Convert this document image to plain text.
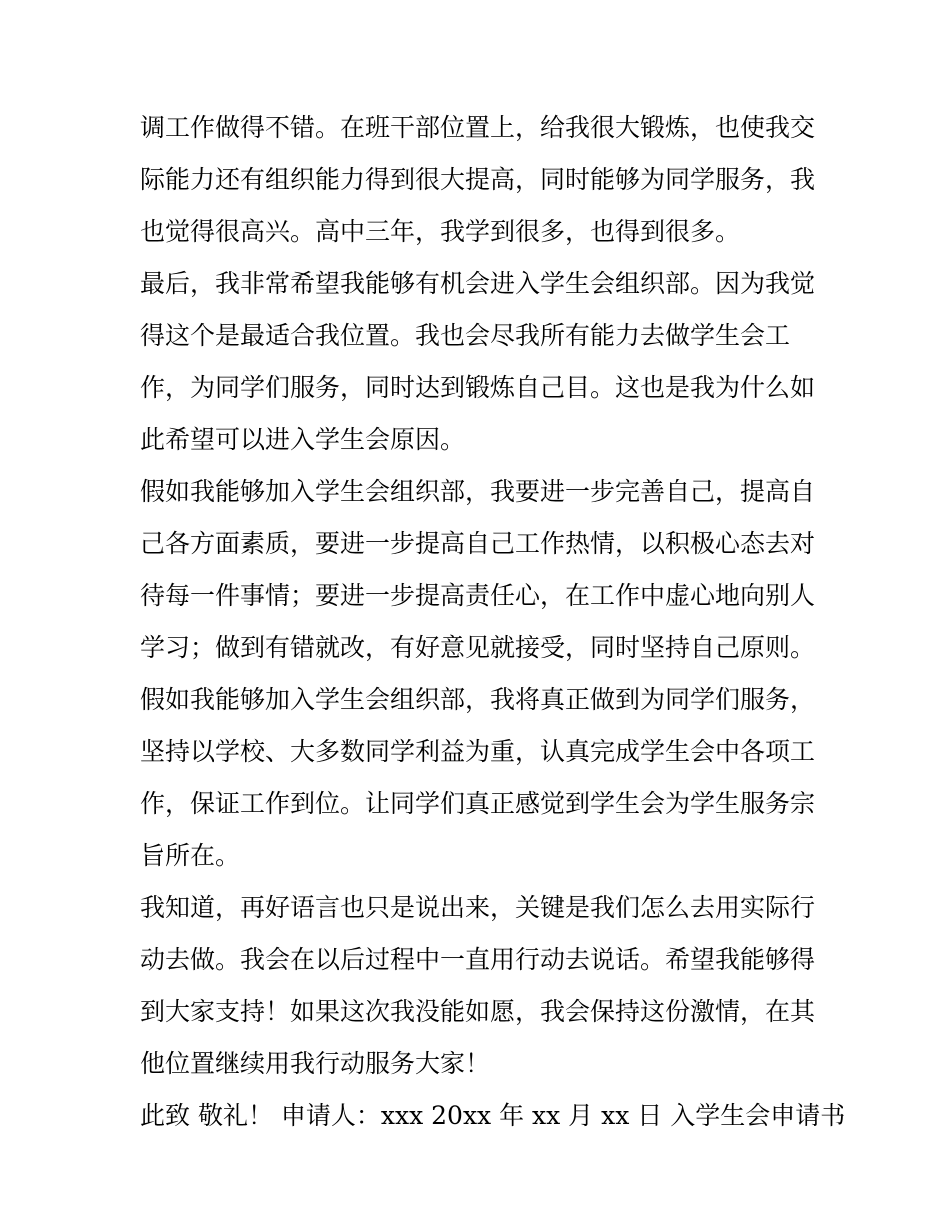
调工作做得不错。在班干部位置上，给我很大锻炼，也使我交
际能力还有组织能力得到很大提高，同时能够为同学服务，我
也觉得很高兴。高中三年，我学到很多，也得到很多。
最后，我非常希望我能够有机会进入学生会组织部。因为我觉
得这个是最适合我位置。我也会尽我所有能力去做学生会工
作，为同学们服务，同时达到锻炼自己目。这也是我为什么如
此希望可以进入学生会原因。
假如我能够加入学生会组织部，我要进一步完善自己，提高自
己各方面素质，要进一步提高自己工作热情，以积极心态去对
待每一件事情；要进一步提高责任心，在工作中虚心地向别人
学习；做到有错就改，有好意见就接受，同时坚持自己原则。
假如我能够加入学生会组织部，我将真正做到为同学们服务，
坚持以学校、大多数同学利益为重，认真完成学生会中各项工
作，保证工作到位。让同学们真正感觉到学生会为学生服务宗
旨所在。
我知道，再好语言也只是说出来，关键是我们怎么去用实际行
动去做。我会在以后过程中一直用行动去说话。希望我能够得
到大家支持！如果这次我没能如愿，我会保持这份激情，在其
他位置继续用我行动服务大家！
此致 敬礼！ 申请人：xxx 20xx 年 xx 月 xx 日 入学生会申请书
